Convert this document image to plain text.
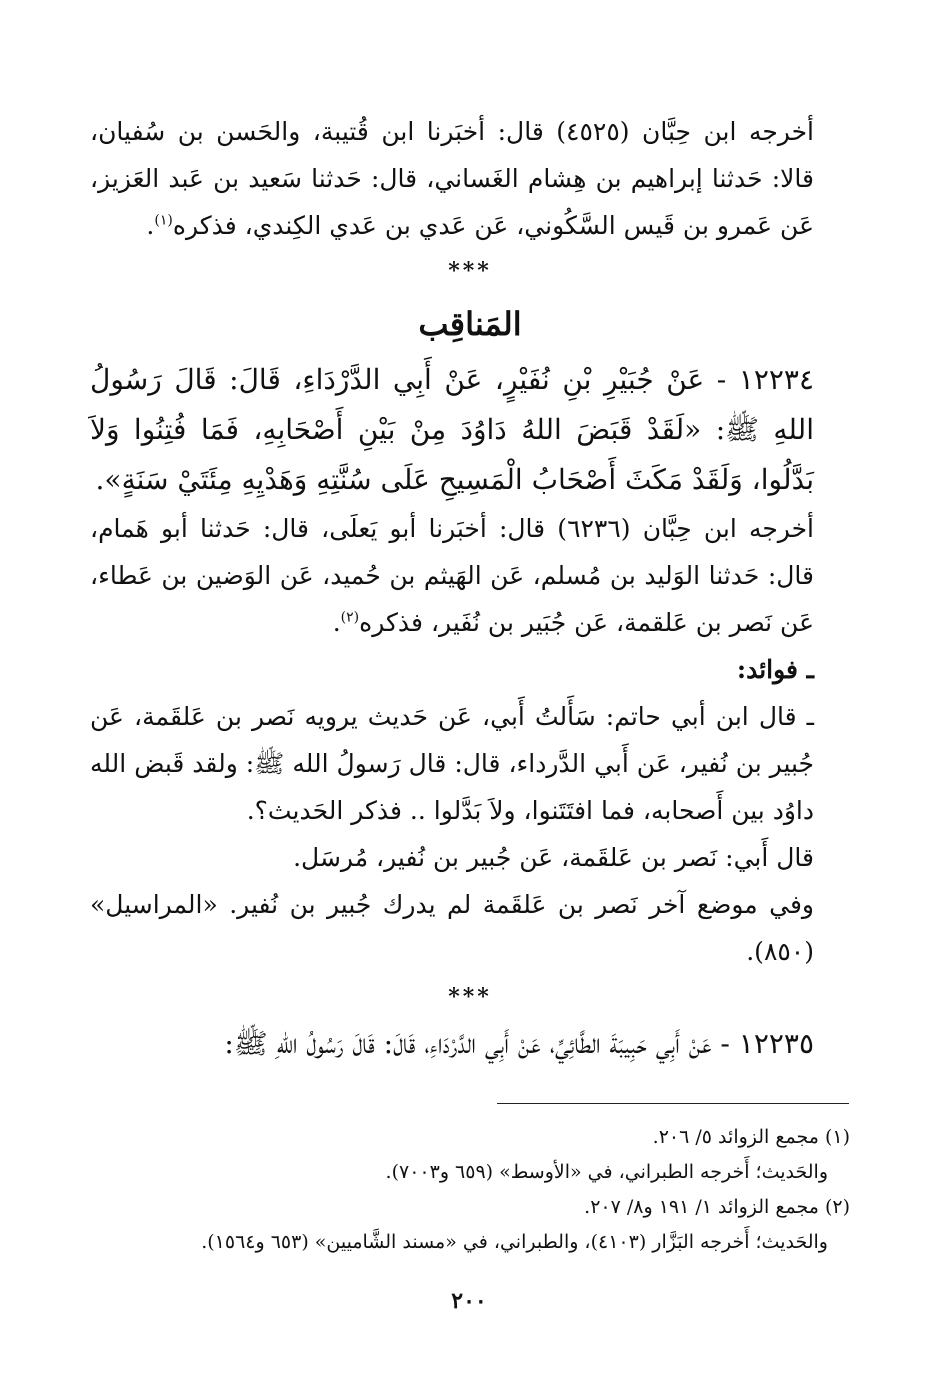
أخرجه ابن حِبَّان (٤٥٢٥) قال: أخبَرنا ابن قُتيبة، والحَسن بن سُفيان، قالا: حَدثنا إبراهيم بن هِشام الغَساني، قال: حَدثنا سَعيد بن عَبد العَزيز، عَن عَمرو بن قَيس السَّكُوني، عَن عَدي بن عَدي الكِندي، فذكره$^{(١)}$.

***

المَناقِب

١٢٢٣٤ - عَنْ جُبَيْرِ بْنِ نُفَيْرٍ، عَنْ أَبِي الدَّرْدَاءِ، قَالَ: قَالَ رَسُولُ اللهِ ﷺ: «لَقَدْ قَبَضَ اللهُ دَاوُدَ مِنْ بَيْنِ أَصْحَابِهِ، فَمَا فُتِنُوا وَلاَ بَدَّلُوا، وَلَقَدْ مَكَثَ أَصْحَابُ الْمَسِيحِ عَلَى سُنَّتِهِ وَهَدْيِهِ مِئَتَيْ سَنَةٍ».

أخرجه ابن حِبَّان (٦٢٣٦) قال: أخبَرنا أبو يَعلَى، قال: حَدثنا أبو هَمام، قال: حَدثنا الوَليد بن مُسلم، عَن الهَيثم بن حُميد، عَن الوَضين بن عَطاء، عَن نَصر بن عَلقمة، عَن جُبَير بن نُفَير، فذكره$^{(٢)}$.

ـ فوائد:

ـ قال ابن أبي حاتم: سَأَلتُ أَبي، عَن حَديث يرويه نَصر بن عَلقَمة، عَن جُبير بن نُفير، عَن أَبي الدَّرداء، قال: قال رَسولُ الله ﷺ: ولقد قَبض الله داوُد بين أَصحابه، فما افتَتَنوا، ولاَ بَدَّلوا .. فذكر الحَديث؟.

قال أَبي: نَصر بن عَلقَمة، عَن جُبير بن نُفير، مُرسَل.

وفي موضع آخر نَصر بن عَلقَمة لم يدرك جُبير بن نُفير. «المراسيل» (٨٥٠).

***

١٢٢٣٥ - عَنْ أَبِي حَبِيبَةَ الطَّائِيِّ، عَنْ أَبِي الدَّرْدَاءِ، قَالَ: قَالَ رَسُولُ اللهِ ﷺ:

(١) مجمع الزوائد ٥/ ٢٠٦.

والحَديث؛ أَخرجه الطبراني، في «الأوسط» (٦٥٩ و٧٠٠٣).

(٢) مجمع الزوائد ١/ ١٩١ و٨/ ٢٠٧.

والحَديث؛ أَخرجه البَزَّار (٤١٠٣)، والطبراني، في «مسند الشَّاميين» (٦٥٣ و١٥٦٤).

٢٠٠
